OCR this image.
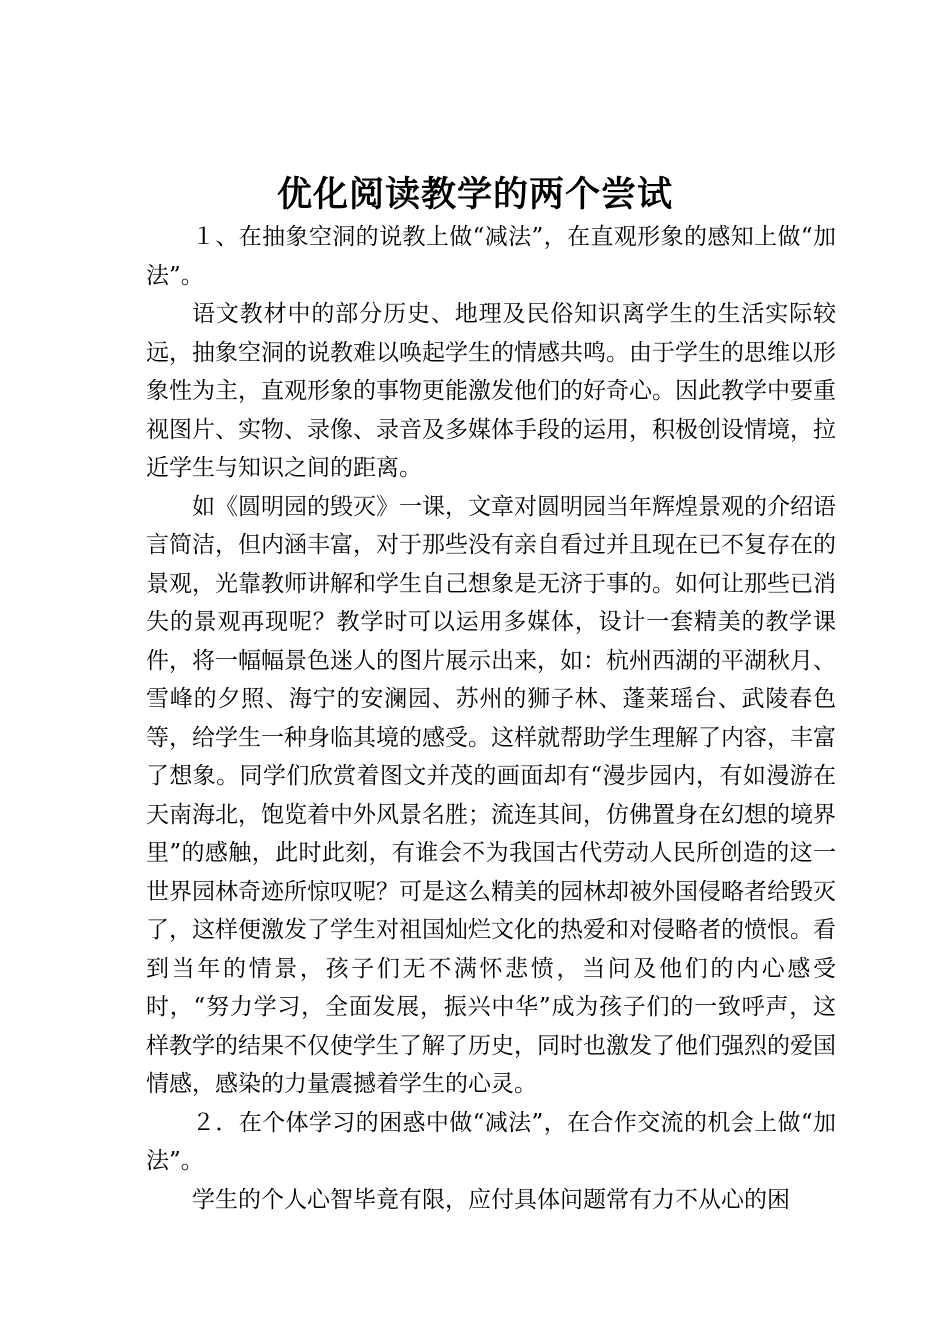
优化阅读教学的两个尝试

１、在抽象空洞的说教上做“减法”，在直观形象的感知上做“加法”。

语文教材中的部分历史、地理及民俗知识离学生的生活实际较远，抽象空洞的说教难以唤起学生的情感共鸣。由于学生的思维以形象性为主，直观形象的事物更能激发他们的好奇心。因此教学中要重视图片、实物、录像、录音及多媒体手段的运用，积极创设情境，拉近学生与知识之间的距离。

如《圆明园的毁灭》一课，文章对圆明园当年辉煌景观的介绍语言简洁，但内涵丰富，对于那些没有亲自看过并且现在已不复存在的景观，光靠教师讲解和学生自己想象是无济于事的。如何让那些已消失的景观再现呢？教学时可以运用多媒体，设计一套精美的教学课件，将一幅幅景色迷人的图片展示出来，如：杭州西湖的平湖秋月、雪峰的夕照、海宁的安澜园、苏州的狮子林、蓬莱瑶台、武陵春色等，给学生一种身临其境的感受。这样就帮助学生理解了内容，丰富了想象。同学们欣赏着图文并茂的画面却有“漫步园内，有如漫游在天南海北，饱览着中外风景名胜；流连其间，仿佛置身在幻想的境界里”的感触，此时此刻，有谁会不为我国古代劳动人民所创造的这一世界园林奇迹所惊叹呢？可是这么精美的园林却被外国侵略者给毁灭了，这样便激发了学生对祖国灿烂文化的热爱和对侵略者的愤恨。看到当年的情景，孩子们无不满怀悲愤，当问及他们的内心感受时，“努力学习，全面发展，振兴中华”成为孩子们的一致呼声，这样教学的结果不仅使学生了解了历史，同时也激发了他们强烈的爱国情感，感染的力量震撼着学生的心灵。

２．在个体学习的困惑中做“减法”，在合作交流的机会上做“加法”。

学生的个人心智毕竟有限，应付具体问题常有力不从心的困
